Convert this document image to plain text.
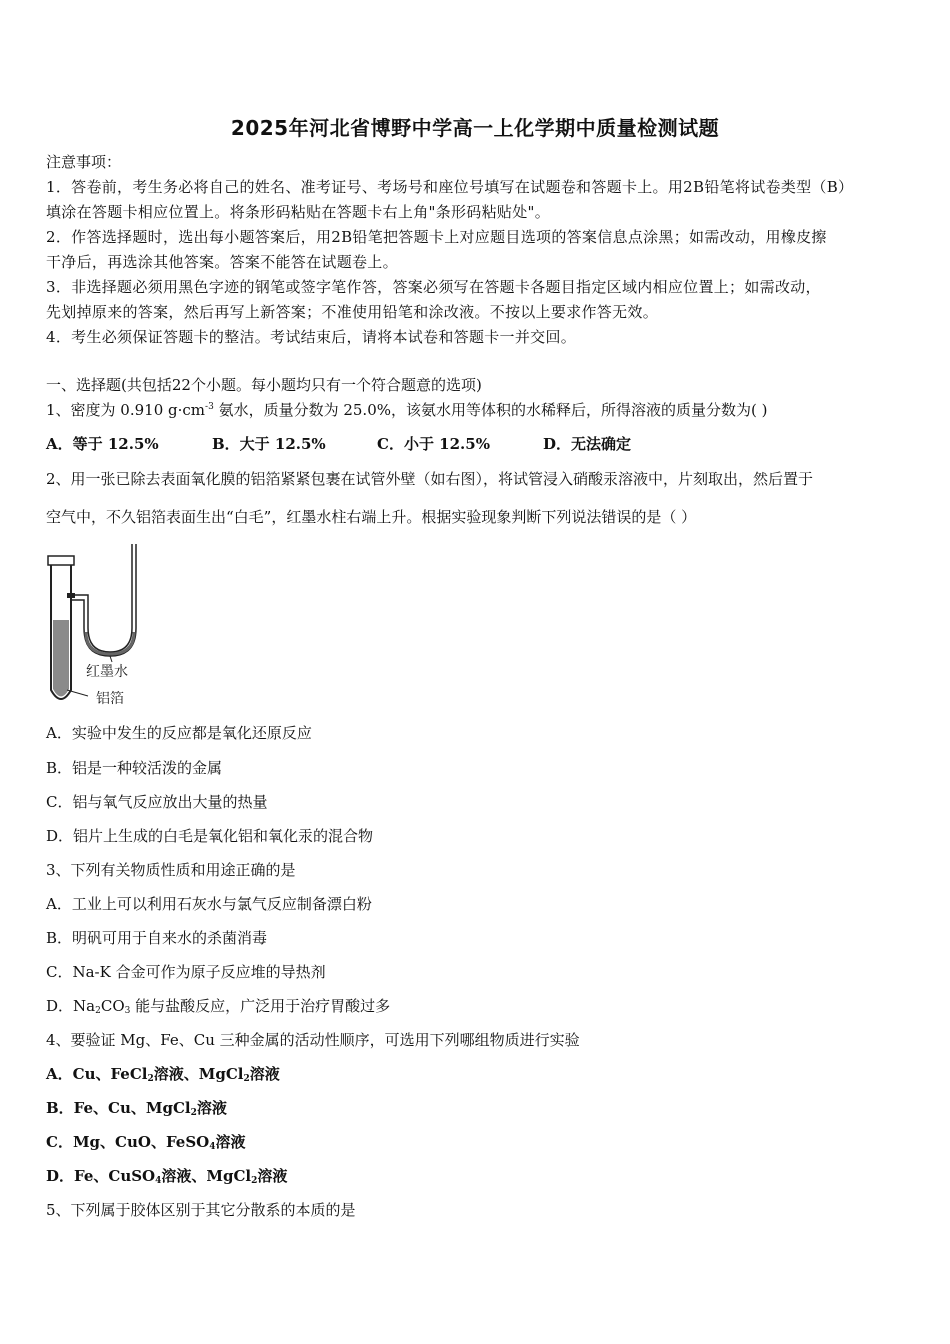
2025年河北省博野中学高一上化学期中质量检测试题
注意事项：
1．答卷前，考生务必将自己的姓名、准考证号、考场号和座位号填写在试题卷和答题卡上。用2B铅笔将试卷类型（B）
填涂在答题卡相应位置上。将条形码粘贴在答题卡右上角"条形码粘贴处"。
2．作答选择题时，选出每小题答案后，用2B铅笔把答题卡上对应题目选项的答案信息点涂黑；如需改动，用橡皮擦
干净后，再选涂其他答案。答案不能答在试题卷上。
3．非选择题必须用黑色字迹的钢笔或签字笔作答，答案必须写在答题卡各题目指定区域内相应位置上；如需改动，
先划掉原来的答案，然后再写上新答案；不准使用铅笔和涂改液。不按以上要求作答无效。
4．考生必须保证答题卡的整洁。考试结束后，请将本试卷和答题卡一并交回。
一、选择题(共包括22个小题。每小题均只有一个符合题意的选项)
1、密度为 0.910 $g\cdot cm^{-3}$ 氨水，质量分数为 25.0%，该氨水用等体积的水稀释后，所得溶液的质量分数为( )
A．等于 12.5%	B．大于 12.5%	C．小于 12.5%	D．无法确定
2、用一张已除去表面氧化膜的铝箔紧紧包裹在试管外壁（如右图），将试管浸入硝酸汞溶液中，片刻取出，然后置于
空气中，不久铝箔表面生出“白毛”，红墨水柱右端上升。根据实验现象判断下列说法错误的是（ ）
红墨水
铝箔
A．实验中发生的反应都是氧化还原反应
B．铝是一种较活泼的金属
C．铝与氧气反应放出大量的热量
D．铝片上生成的白毛是氧化铝和氧化汞的混合物
3、下列有关物质性质和用途正确的是
A．工业上可以利用石灰水与氯气反应制备漂白粉
B．明矾可用于自来水的杀菌消毒
C．Na-K 合金可作为原子反应堆的导热剂
D．$Na_2CO_3$ 能与盐酸反应，广泛用于治疗胃酸过多
4、要验证 Mg、Fe、Cu 三种金属的活动性顺序，可选用下列哪组物质进行实验
A．Cu、FeCl$_2$溶液、MgCl$_2$溶液
B．Fe、Cu、MgCl$_2$溶液
C．Mg、CuO、FeSO$_4$溶液
D．Fe、CuSO$_4$溶液、MgCl$_2$溶液
5、下列属于胶体区别于其它分散系的本质的是
